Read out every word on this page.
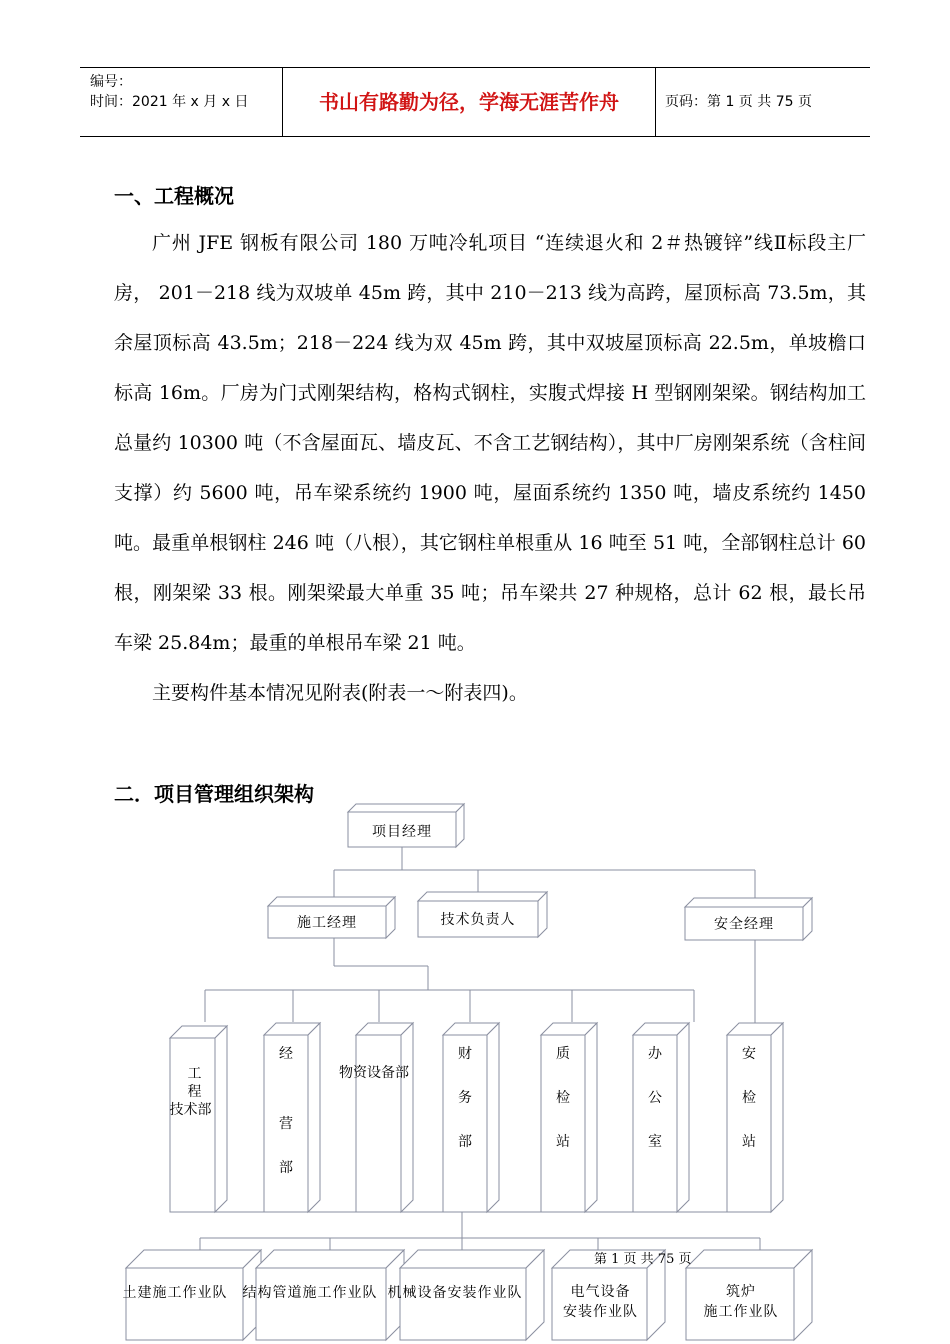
编号：
时间：2021 年 x 月 x 日	书山有路勤为径，学海无涯苦作舟	页码：第 1 页 共 75 页
一、工程概况

广州 JFE 钢板有限公司 180 万吨冷轧项目 “连续退火和 2＃热镀锌”线Ⅱ标段主厂房， 201－218 线为双坡单 45m 跨，其中 210－213 线为高跨，屋顶标高 73.5m，其余屋顶标高 43.5m；218－224 线为双 45m 跨，其中双坡屋顶标高 22.5m，单坡檐口标高 16m。厂房为门式刚架结构，格构式钢柱，实腹式焊接 H 型钢刚架梁。钢结构加工总量约 10300 吨（不含屋面瓦、墙皮瓦、不含工艺钢结构），其中厂房刚架系统（含柱间支撑）约 5600 吨，吊车梁系统约 1900 吨，屋面系统约 1350 吨，墙皮系统约 1450 吨。最重单根钢柱 246 吨（八根），其它钢柱单根重从 16 吨至 51 吨，全部钢柱总计 60 根，刚架梁 33 根。刚架梁最大单重 35 吨；吊车梁共 27 种规格，总计 62 根，最长吊车梁 25.84m；最重的单根吊车梁 21 吨。

主要构件基本情况见附表(附表一～附表四)。

二．项目管理组织架构
项目经理
施工经理	技术负责人	安全经理
工
程
技术部
经
营
部
物资设备部
财
务
部
质
检
站
办
公
室
安
检
站
土建施工作业队 结构管道施工作业队 机械设备安装作业队	电气设备
安装作业队
筑炉
施工作业队
第 1 页 共 75 页
